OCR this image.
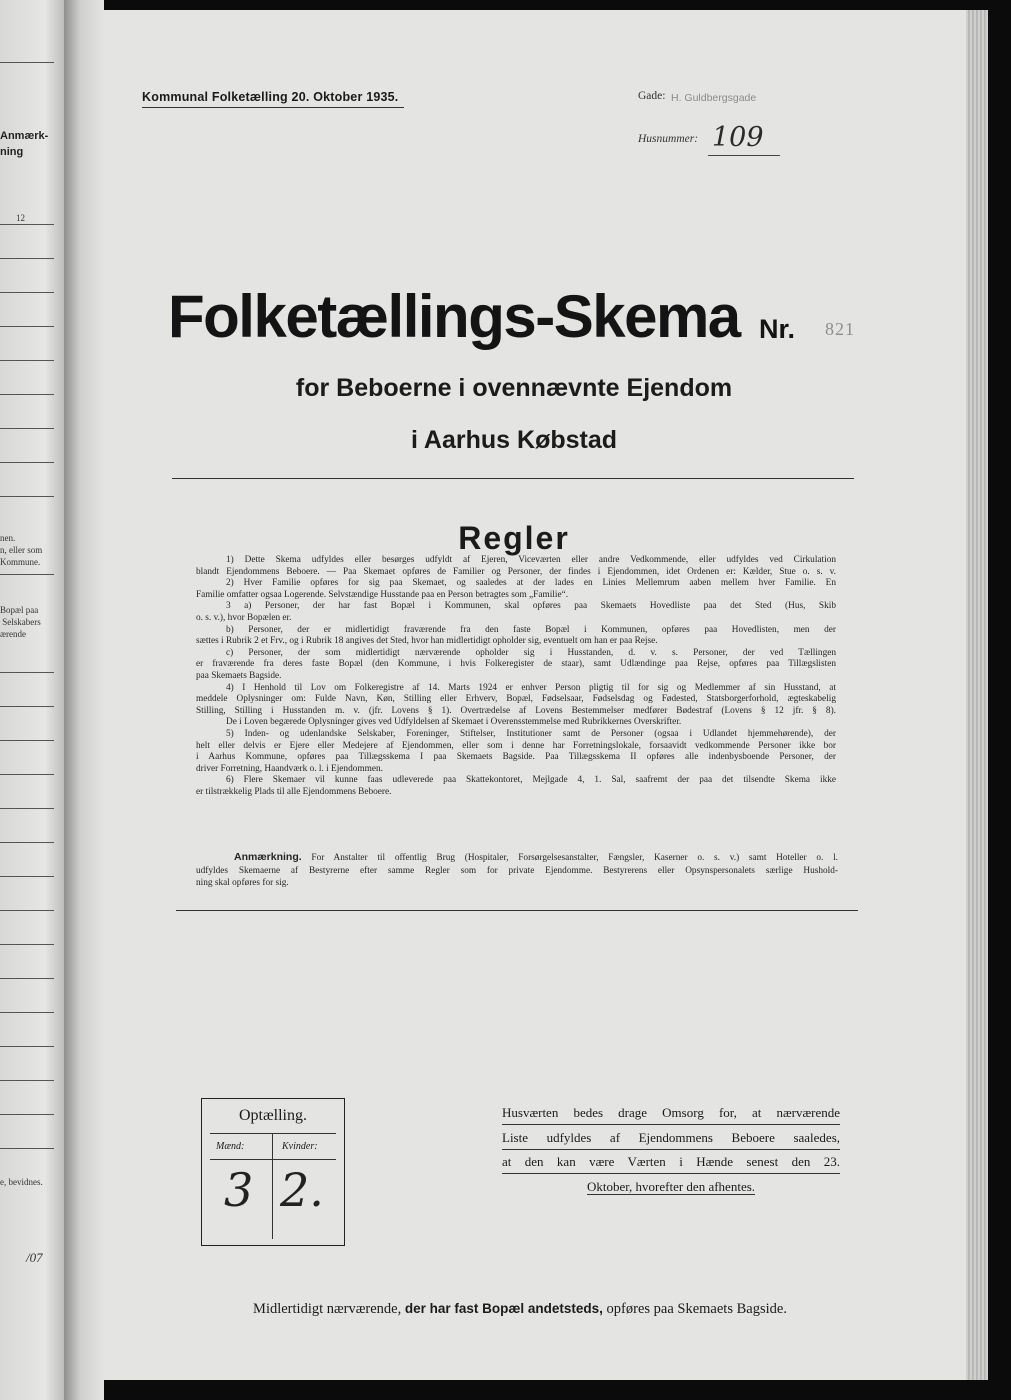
Anmærk-
ning
12
nen.
n, eller som
Kommune.
Bopæl paa
Selskabers
ærende
e, bevidnes.
/07
Kommunal Folketælling 20. Oktober 1935.	Gade: H. Guldbergsgade
Husnummer: 109
Folketællings-Skema Nr. 821
for Beboerne i ovennævnte Ejendom
i Aarhus Købstad
Regler
1) Dette Skema udfyldes eller besørges udfyldt af Ejeren, Viceværten eller andre Vedkommende, eller udfyldes ved Cirkulation
blandt Ejendommens Beboere. — Paa Skemaet opføres de Familier og Personer, der findes i Ejendommen, idet Ordenen er: Kælder, Stue o. s. v.
2) Hver Familie opføres for sig paa Skemaet, og saaledes at der lades en Linies Mellemrum aaben mellem hver Familie. En
Familie omfatter ogsaa Logerende. Selvstændige Husstande paa en Person betragtes som „Familie“.
3 a) Personer, der har fast Bopæl i Kommunen, skal opføres paa Skemaets Hovedliste paa det Sted (Hus, Skib
o. s. v.), hvor Bopælen er.
b) Personer, der er midlertidigt fraværende fra den faste Bopæl i Kommunen, opføres paa Hovedlisten, men der
sættes i Rubrik 2 et Frv., og i Rubrik 18 angives det Sted, hvor han midlertidigt opholder sig, eventuelt om han er paa Rejse.
c) Personer, der som midlertidigt nærværende opholder sig i Husstanden, d. v. s. Personer, der ved Tællingen
er fraværende fra deres faste Bopæl (den Kommune, i hvis Folkeregister de staar), samt Udlændinge paa Rejse, opføres paa Tillægslisten
paa Skemaets Bagside.
4) I Henhold til Lov om Folkeregistre af 14. Marts 1924 er enhver Person pligtig til for sig og Medlemmer af sin Husstand, at
meddele Oplysninger om: Fulde Navn, Køn, Stilling eller Erhverv, Bopæl, Fødselsaar, Fødselsdag og Fødested, Statsborgerforhold, ægteskabelig
Stilling, Stilling i Husstanden m. v. (jfr. Lovens § 1). Overtrædelse af Lovens Bestemmelser medfører Bødestraf (Lovens § 12 jfr. § 8).
De i Loven begærede Oplysninger gives ved Udfyldelsen af Skemaet i Overensstemmelse med Rubrikkernes Overskrifter.
5) Inden- og udenlandske Selskaber, Foreninger, Stiftelser, Institutioner samt de Personer (ogsaa i Udlandet hjemmehørende), der
helt eller delvis er Ejere eller Medejere af Ejendommen, eller som i denne har Forretningslokale, forsaavidt vedkommende Personer ikke bor
i Aarhus Kommune, opføres paa Tillægsskema I paa Skemaets Bagside. Paa Tillægsskema II opføres alle indenbysboende Personer, der
driver Forretning, Haandværk o. l. i Ejendommen.
6) Flere Skemaer vil kunne faas udleverede paa Skattekontoret, Mejlgade 4, 1. Sal, saafremt der paa det tilsendte Skema ikke
er tilstrækkelig Plads til alle Ejendommens Beboere.
Anmærkning. For Anstalter til offentlig Brug (Hospitaler, Forsørgelsesanstalter, Fængsler, Kaserner o. s. v.) samt Hoteller o. l.
udfyldes Skemaerne af Bestyrerne efter samme Regler som for private Ejendomme. Bestyrerens eller Opsynspersonalets særlige Hushold-
ning skal opføres for sig.
Optælling.
Mænd:	Kvinder:
3 2.
Husværten bedes drage Omsorg for, at nærværende
Liste udfyldes af Ejendommens Beboere saaledes,
at den kan være Værten i Hænde senest den 23.
Oktober, hvorefter den afhentes.
Midlertidigt nærværende, der har fast Bopæl andetsteds, opføres paa Skemaets Bagside.
